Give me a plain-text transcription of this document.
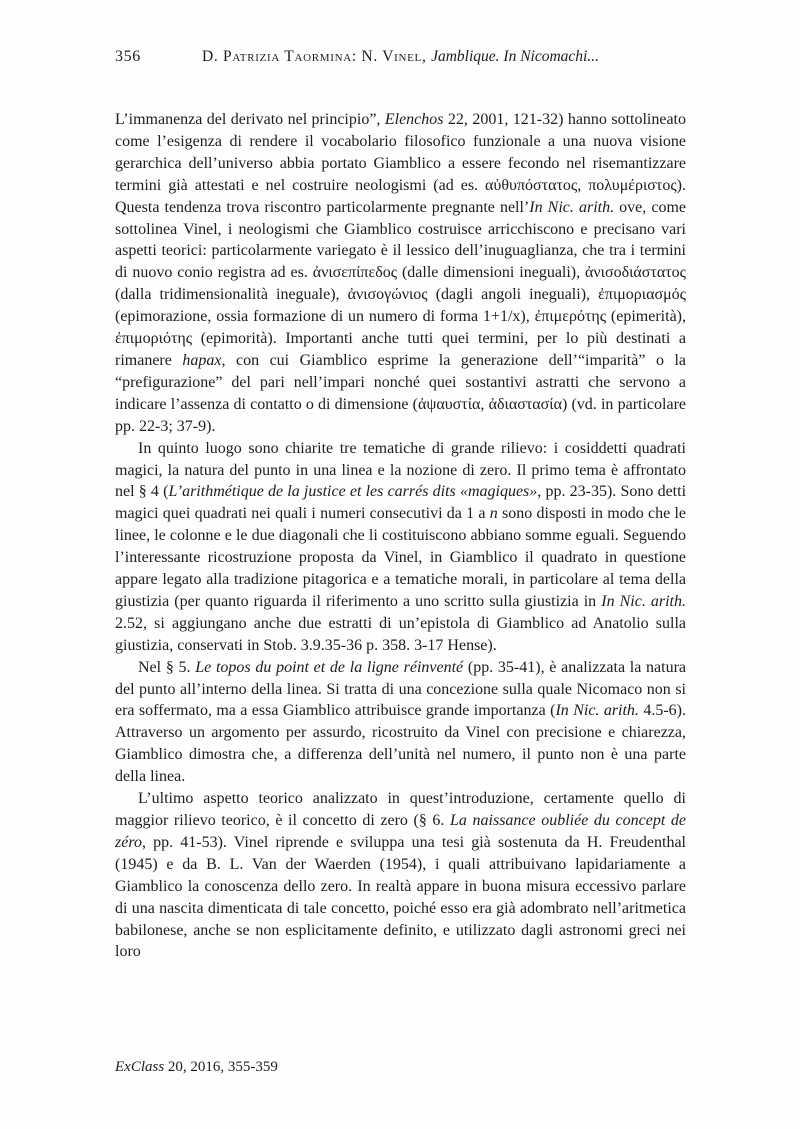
356	D. Patrizia Taormina: N. Vinel, Jamblique. In Nicomachi...

L’immanenza del derivato nel principio”, Elenchos 22, 2001, 121-32) hanno sottolineato come l’esigenza di rendere il vocabolario filosofico funzionale a una nuova visione gerarchica dell’universo abbia portato Giamblico a essere fecondo nel risemantizzare termini già attestati e nel costruire neologismi (ad es. αὐθυπόστατος, πολυμέριστος). Questa tendenza trova riscontro particolarmente pregnante nell’In Nic. arith. ove, come sottolinea Vinel, i neologismi che Giamblico costruisce arricchiscono e precisano vari aspetti teorici: particolarmente variegato è il lessico dell’inuguaglianza, che tra i termini di nuovo conio registra ad es. ἀνισεπίπεδος (dalle dimensioni ineguali), ἀνισοδιάστατος (dalla tridimensionalità ineguale), ἀνισογώνιος (dagli angoli ineguali), ἐπιμοριασμός (epimorazione, ossia formazione di un numero di forma 1+1/x), ἐπιμερότης (epimerità), ἐπιμοριότης (epimorità). Importanti anche tutti quei termini, per lo più destinati a rimanere hapax, con cui Giamblico esprime la generazione dell’“imparità” o la “prefigurazione” del pari nell’impari nonché quei sostantivi astratti che servono a indicare l’assenza di contatto o di dimensione (ἀψαυστία, ἀδιαστασία) (vd. in particolare pp. 22-3; 37-9).

In quinto luogo sono chiarite tre tematiche di grande rilievo: i cosiddetti quadrati magici, la natura del punto in una linea e la nozione di zero. Il primo tema è affrontato nel § 4 (L’arithmétique de la justice et les carrés dits «magiques», pp. 23-35). Sono detti magici quei quadrati nei quali i numeri consecutivi da 1 a n sono disposti in modo che le linee, le colonne e le due diagonali che li costituiscono abbiano somme eguali. Seguendo l’interessante ricostruzione proposta da Vinel, in Giamblico il quadrato in questione appare legato alla tradizione pitagorica e a tematiche morali, in particolare al tema della giustizia (per quanto riguarda il riferimento a uno scritto sulla giustizia in In Nic. arith. 2.52, si aggiungano anche due estratti di un’epistola di Giamblico ad Anatolio sulla giustizia, conservati in Stob. 3.9.35-36 p. 358. 3-17 Hense).

Nel § 5. Le topos du point et de la ligne réinventé (pp. 35-41), è analizzata la natura del punto all’interno della linea. Si tratta di una concezione sulla quale Nicomaco non si era soffermato, ma a essa Giamblico attribuisce grande importanza (In Nic. arith. 4.5-6). Attraverso un argomento per assurdo, ricostruito da Vinel con precisione e chiarezza, Giamblico dimostra che, a differenza dell’unità nel numero, il punto non è una parte della linea.

L’ultimo aspetto teorico analizzato in quest’introduzione, certamente quello di maggior rilievo teorico, è il concetto di zero (§ 6. La naissance oubliée du concept de zéro, pp. 41-53). Vinel riprende e sviluppa una tesi già sostenuta da H. Freudenthal (1945) e da B. L. Van der Waerden (1954), i quali attribuivano lapidariamente a Giamblico la conoscenza dello zero. In realtà appare in buona misura eccessivo parlare di una nascita dimenticata di tale concetto, poiché esso era già adombrato nell’aritmetica babilonese, anche se non esplicitamente definito, e utilizzato dagli astronomi greci nei loro

ExClass 20, 2016, 355-359
